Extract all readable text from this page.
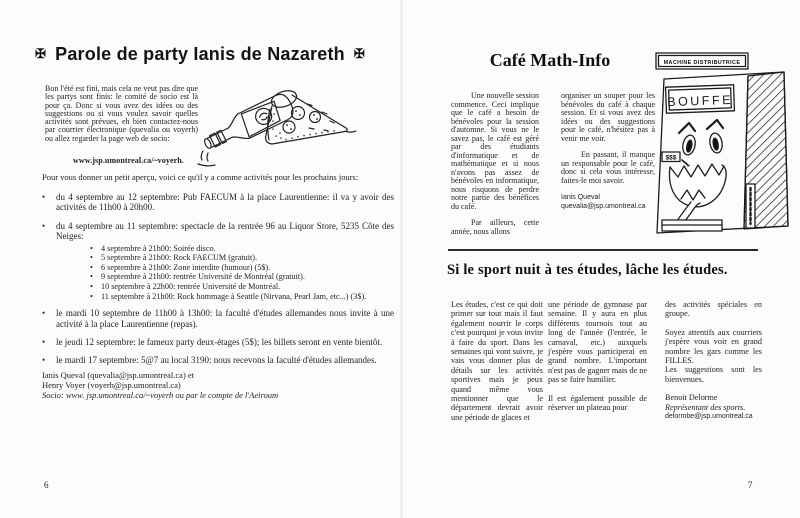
✠ Parole de party Ianis de Nazareth ✠
Bon l'été est fini, mais cela ne veut pas dire que les partys sont finis: le comité de socio est là pour ça. Donc si vous avez des idées ou des suggestions ou si vous voulez savoir quelles activités sont prévues, eh bien contactez-nous par courrier électronique (quevalia ou voyerh) ou allez regarder la page web de socio:
www.jsp.umontreal.ca/~voyerh.
Pour vous donner un petit aperçu, voici ce qu'il y a comme activités pour les prochains jours:
•
du 4 septembre au 12 septembre: Pub FAECUM à la place Laurentienne: il va y avoir des activités de 11h00 à 20h00.
•
du 4 septembre au 11 septembre: spectacle de la rentrée 96 au Liquor Store, 5235 Côte des Neiges:
•
4 septembre à 21h00: Soirée disco.
•
5 septembre à 21h00: Rock FAECUM (gratuit).
•
6 septembre à 21h00: Zone interdite (humour) (5$).
•
9 septembre à 21h00: rentrée Université de Montréal (gratuit).
•
10 septembre à 22h00: rentrée Université de Montréal.
•
11 septembre à 21h00: Rock hommage à Seattle (Nirvana, Pearl Jam, etc...) (3$).
•
le mardi 10 septembre de 11h00 à 13h00: la faculté d'études allemandes nous invite à une activité à la place Laurentienne (repas).
•
le jeudi 12 septembre: le fameux party deux-étages (5$); les billets seront en vente bientôt.
•
le mardi 17 septembre: 5@7 au local 3190: nous recevons la faculté d'études allemandes.
Ianis Queval (quevalia@jsp.umontreal.ca) et
Henry Voyer (voyerh@jsp.umontreal.ca)
Socio: www. jsp.umontreal.ca/~voyerh ou par le compte de l'Aeiroum
6
Café Math-Info

Une nouvelle session commence. Ceci implique que le café a besoin de bénévoles pour la session d'automne. Si vous ne le savez pas, le café est géré par des étudiants d'informatique et de mathématique et si nous n'avons pas assez de bénévoles en informatique, nous risquons de perdre notre partie des bénéfices du café.

Par ailleurs, cette année, nous allons

organiser un souper pour les bénévoles du café à chaque session. Et si vous avez des idées ou des suggestions pour le café, n'hésitez pas à venir me voir.

En passant, il manque un responsable pour le café, donc si cela vous intéresse, faites-le moi savoir.

Ianis Queval
quevalia@jsp.umontreal.ca

MACHINE DISTRIBUTRICE
BOUFFE
$$$
Si le sport nuit à tes études, lâche les études.

Les études, c'est ce qui doit primer sur tout mais il faut également nourrir le corps c'est pourquoi je vous invite à faire du sport. Dans les semaines qui vont suivre, je vais vous donner plus de détails sur les activités sportives mais je peux quand même vous mentionner que le département devrait avoir une période de glaces et

une période de gymnase par semaine. Il y aura en plus différents tournois tout au long de l'année (l'entrée, le carnaval, etc.) auxquels j'espère vous participerai en grand nombre. L'important n'est pas de gagner mais de ne pas se faire humilier.

Il est également possible de réserver un plateau pour

des activités spéciales en groupe.

Soyez attentifs aux courriers j'espère vous voir en grand nombre les gars comme les FILLES.

Les suggestions sont les bienvenues.

Benoit Delorme
Représentant des sports.
delormbe@jsp.umontreal.ca

7
